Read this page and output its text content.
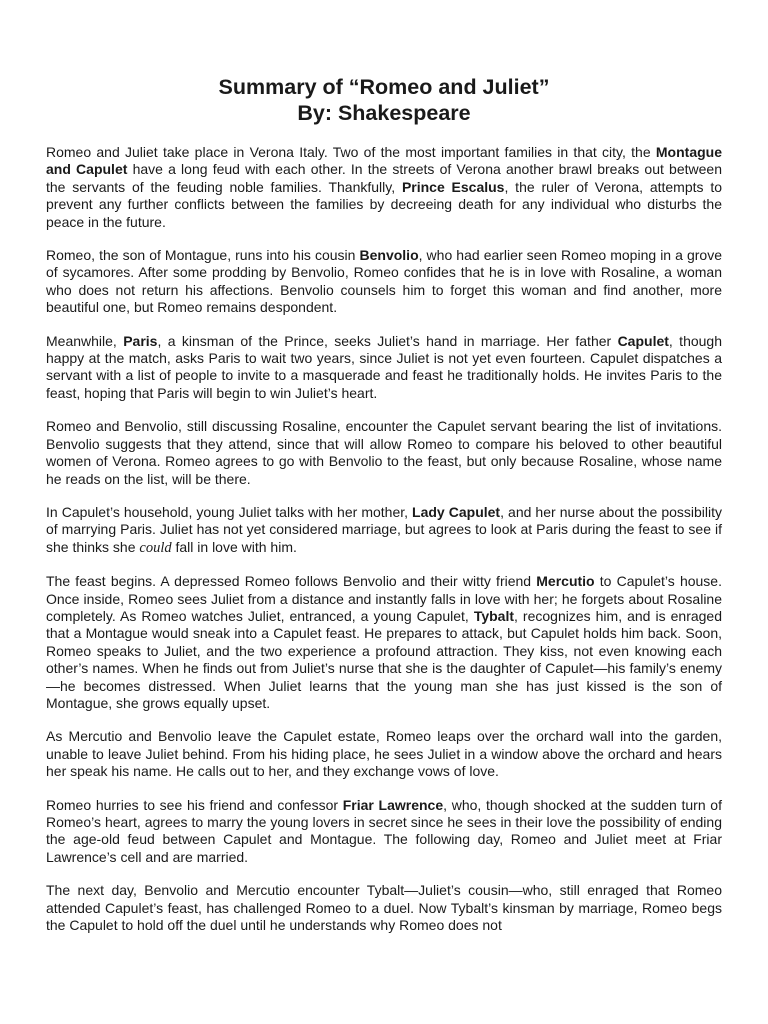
Summary of “Romeo and Juliet”

By: Shakespeare

Romeo and Juliet take place in Verona Italy. Two of the most important families in that city, the Montague and Capulet have a long feud with each other. In the streets of Verona another brawl breaks out between the servants of the feuding noble families. Thankfully, Prince Escalus, the ruler of Verona, attempts to prevent any further conflicts between the families by decreeing death for any individual who disturbs the peace in the future.

Romeo, the son of Montague, runs into his cousin Benvolio, who had earlier seen Romeo moping in a grove of sycamores. After some prodding by Benvolio, Romeo confides that he is in love with Rosaline, a woman who does not return his affections. Benvolio counsels him to forget this woman and find another, more beautiful one, but Romeo remains despondent.

Meanwhile, Paris, a kinsman of the Prince, seeks Juliet’s hand in marriage. Her father Capulet, though happy at the match, asks Paris to wait two years, since Juliet is not yet even fourteen. Capulet dispatches a servant with a list of people to invite to a masquerade and feast he traditionally holds. He invites Paris to the feast, hoping that Paris will begin to win Juliet’s heart.

Romeo and Benvolio, still discussing Rosaline, encounter the Capulet servant bearing the list of invitations. Benvolio suggests that they attend, since that will allow Romeo to compare his beloved to other beautiful women of Verona. Romeo agrees to go with Benvolio to the feast, but only because Rosaline, whose name he reads on the list, will be there.

In Capulet’s household, young Juliet talks with her mother, Lady Capulet, and her nurse about the possibility of marrying Paris. Juliet has not yet considered marriage, but agrees to look at Paris during the feast to see if she thinks she could fall in love with him.

The feast begins. A depressed Romeo follows Benvolio and their witty friend Mercutio to Capulet’s house. Once inside, Romeo sees Juliet from a distance and instantly falls in love with her; he forgets about Rosaline completely. As Romeo watches Juliet, entranced, a young Capulet, Tybalt, recognizes him, and is enraged that a Montague would sneak into a Capulet feast. He prepares to attack, but Capulet holds him back. Soon, Romeo speaks to Juliet, and the two experience a profound attraction. They kiss, not even knowing each other’s names. When he finds out from Juliet’s nurse that she is the daughter of Capulet—his family’s enemy—he becomes distressed. When Juliet learns that the young man she has just kissed is the son of Montague, she grows equally upset.

As Mercutio and Benvolio leave the Capulet estate, Romeo leaps over the orchard wall into the garden, unable to leave Juliet behind. From his hiding place, he sees Juliet in a window above the orchard and hears her speak his name. He calls out to her, and they exchange vows of love.

Romeo hurries to see his friend and confessor Friar Lawrence, who, though shocked at the sudden turn of Romeo’s heart, agrees to marry the young lovers in secret since he sees in their love the possibility of ending the age-old feud between Capulet and Montague. The following day, Romeo and Juliet meet at Friar Lawrence’s cell and are married.

The next day, Benvolio and Mercutio encounter Tybalt—Juliet’s cousin—who, still enraged that Romeo attended Capulet’s feast, has challenged Romeo to a duel. Now Tybalt’s kinsman by marriage, Romeo begs the Capulet to hold off the duel until he understands why Romeo does not
